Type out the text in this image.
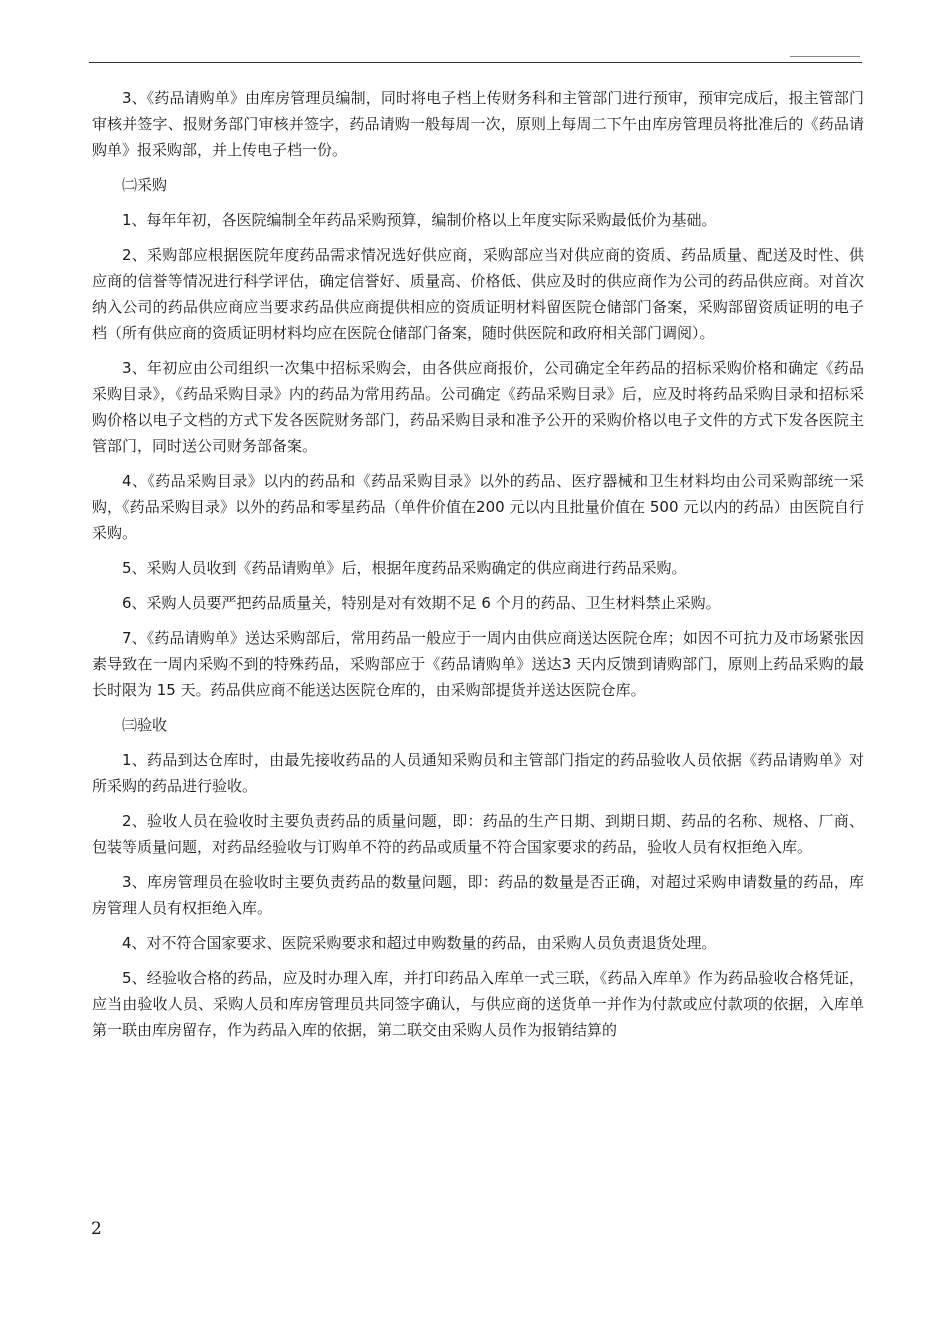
3、《药品请购单》由库房管理员编制，同时将电子档上传财务科和主管部门进行预审，预审完成后，报主管部门审核并签字、报财务部门审核并签字，药品请购一般每周一次，原则上每周二下午由库房管理员将批准后的《药品请购单》报采购部，并上传电子档一份。

㈡采购

1、每年年初，各医院编制全年药品采购预算，编制价格以上年度实际采购最低价为基础。

2、采购部应根据医院年度药品需求情况选好供应商，采购部应当对供应商的资质、药品质量、配送及时性、供应商的信誉等情况进行科学评估，确定信誉好、质量高、价格低、供应及时的供应商作为公司的药品供应商。对首次纳入公司的药品供应商应当要求药品供应商提供相应的资质证明材料留医院仓储部门备案，采购部留资质证明的电子档（所有供应商的资质证明材料均应在医院仓储部门备案，随时供医院和政府相关部门调阅）。

3、年初应由公司组织一次集中招标采购会，由各供应商报价，公司确定全年药品的招标采购价格和确定《药品采购目录》，《药品采购目录》内的药品为常用药品。公司确定《药品采购目录》后，应及时将药品采购目录和招标采购价格以电子文档的方式下发各医院财务部门，药品采购目录和准予公开的采购价格以电子文件的方式下发各医院主管部门，同时送公司财务部备案。

4、《药品采购目录》以内的药品和《药品采购目录》以外的药品、医疗器械和卫生材料均由公司采购部统一采购，《药品采购目录》以外的药品和零星药品（单件价值在200 元以内且批量价值在 500 元以内的药品）由医院自行采购。

5、采购人员收到《药品请购单》后，根据年度药品采购确定的供应商进行药品采购。

6、采购人员要严把药品质量关，特别是对有效期不足 6 个月的药品、卫生材料禁止采购。

7、《药品请购单》送达采购部后，常用药品一般应于一周内由供应商送达医院仓库；如因不可抗力及市场紧张因素导致在一周内采购不到的特殊药品，采购部应于《药品请购单》送达3 天内反馈到请购部门，原则上药品采购的最长时限为 15 天。药品供应商不能送达医院仓库的，由采购部提货并送达医院仓库。

㈢验收

1、药品到达仓库时，由最先接收药品的人员通知采购员和主管部门指定的药品验收人员依据《药品请购单》对所采购的药品进行验收。

2、验收人员在验收时主要负责药品的质量问题，即：药品的生产日期、到期日期、药品的名称、规格、厂商、包装等质量问题，对药品经验收与订购单不符的药品或质量不符合国家要求的药品，验收人员有权拒绝入库。

3、库房管理员在验收时主要负责药品的数量问题，即：药品的数量是否正确，对超过采购申请数量的药品，库房管理人员有权拒绝入库。

4、对不符合国家要求、医院采购要求和超过申购数量的药品，由采购人员负责退货处理。

5、经验收合格的药品，应及时办理入库，并打印药品入库单一式三联，《药品入库单》作为药品验收合格凭证，应当由验收人员、采购人员和库房管理员共同签字确认，与供应商的送货单一并作为付款或应付款项的依据，入库单第一联由库房留存，作为药品入库的依据，第二联交由采购人员作为报销结算的

2
